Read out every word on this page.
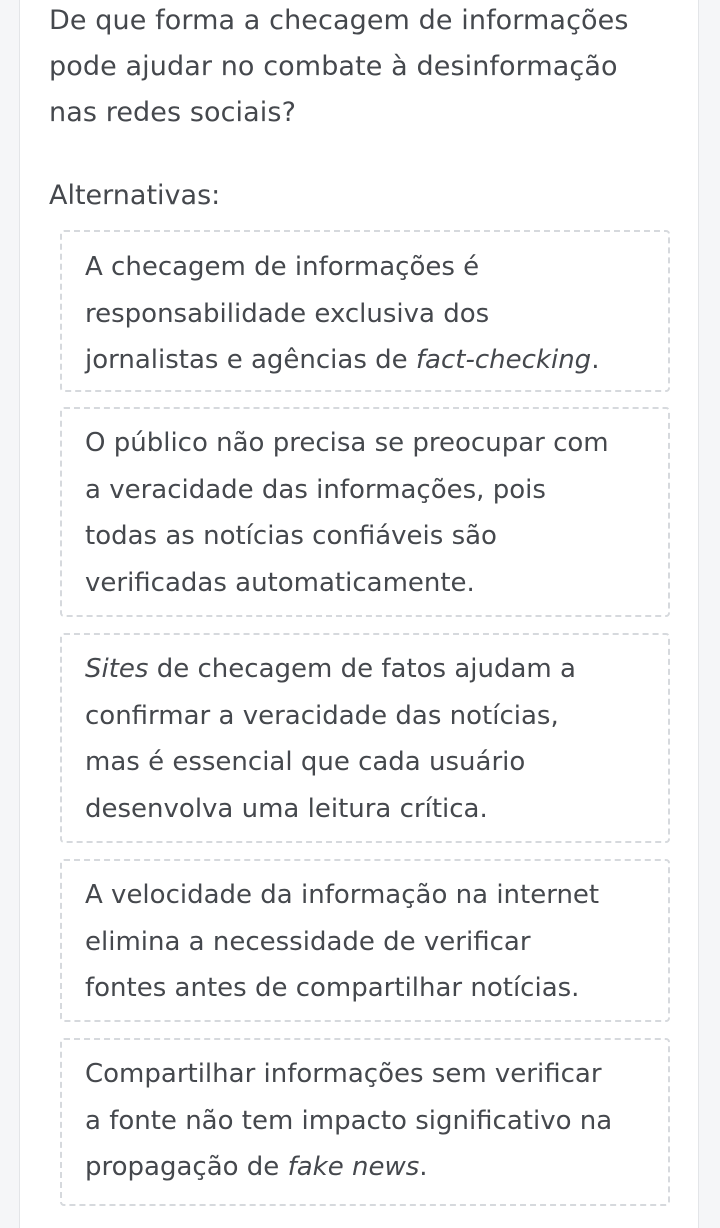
De que forma a checagem de informações
pode ajudar no combate à desinformação
nas redes sociais?

Alternativas:

A checagem de informações é
responsabilidade exclusiva dos
jornalistas e agências de fact-checking.
O público não precisa se preocupar com
a veracidade das informações, pois
todas as notícias confiáveis são
verificadas automaticamente.
Sites de checagem de fatos ajudam a
confirmar a veracidade das notícias,
mas é essencial que cada usuário
desenvolva uma leitura crítica.
A velocidade da informação na internet
elimina a necessidade de verificar
fontes antes de compartilhar notícias.
Compartilhar informações sem verificar
a fonte não tem impacto significativo na
propagação de fake news.
